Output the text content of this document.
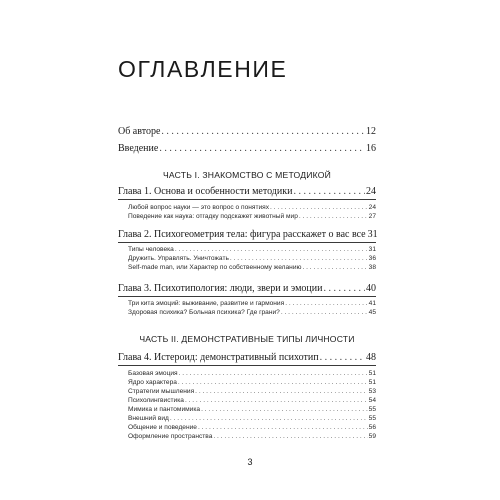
ОГЛАВЛЕНИЕ
Об авторе . . .	12
Введение . . .	16
ЧАСТЬ I. ЗНАКОМСТВО С МЕТОДИКОЙ
Глава 1. Основа и особенности методики . . .	24
Любой вопрос науки — это вопрос о понятиях . . .	24
Поведение как наука: отгадку подскажет животный мир . . .	27
Глава 2. Психогеометрия тела: фигура расскажет о вас все 31
Типы человека . . .	31
Дружить. Управлять. Уничтожать . . .	36
Self-made man, или Характер по собственному желанию . . .	38
Глава 3. Психотипология: люди, звери и эмоции . . .	40
Три кита эмоций: выживание, развитие и гармония . . .	41
Здоровая психика? Больная психика? Где грани? . . .	45
ЧАСТЬ II. ДЕМОНСТРАТИВНЫЕ ТИПЫ ЛИЧНОСТИ
Глава 4. Истероид: демонстративный психотип . . .	48
Базовая эмоция . . .	51
Ядро характера . . .	51
Стратегии мышления . . .	53
Психолингвистика . . .	54
Мимика и пантомимика . . .	55
Внешний вид . . .	55
Общение и поведение . . .	56
Оформление пространства . . .	59
3
